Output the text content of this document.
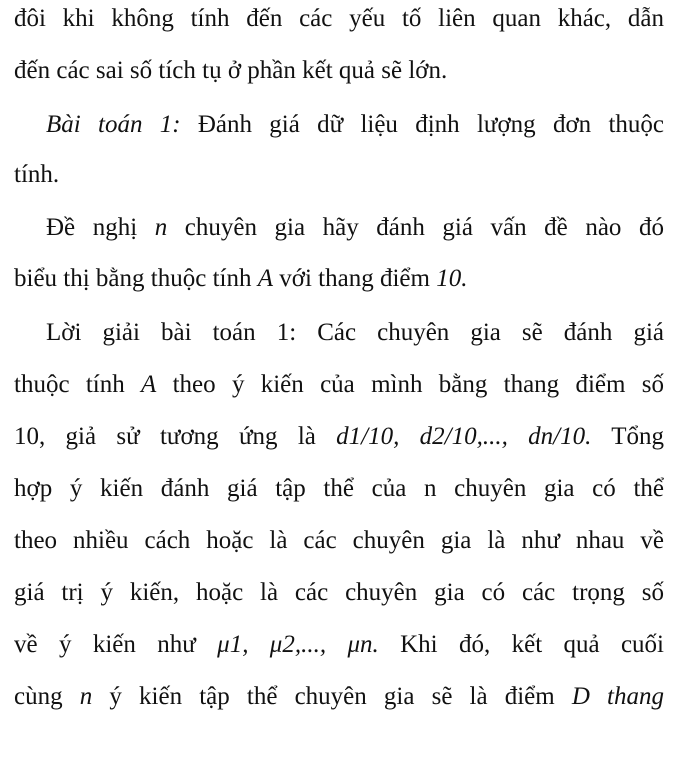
đôi khi không tính đến các yếu tố liên quan khác, dẫn
đến các sai số tích tụ ở phần kết quả sẽ lớn.
Bài toán 1: Đánh giá dữ liệu định lượng đơn thuộc
tính.
Đề nghị n chuyên gia hãy đánh giá vấn đề nào đó
biểu thị bằng thuộc tính A với thang điểm 10.
Lời giải bài toán 1: Các chuyên gia sẽ đánh giá
thuộc tính A theo ý kiến của mình bằng thang điểm số
10, giả sử tương ứng là d1/10, d2/10,..., dn/10. Tổng
hợp ý kiến đánh giá tập thể của n chuyên gia có thể
theo nhiều cách hoặc là các chuyên gia là như nhau về
giá trị ý kiến, hoặc là các chuyên gia có các trọng số
về ý kiến như μ1, μ2,..., μn. Khi đó, kết quả cuối
cùng n ý kiến tập thể chuyên gia sẽ là điểm D thang
